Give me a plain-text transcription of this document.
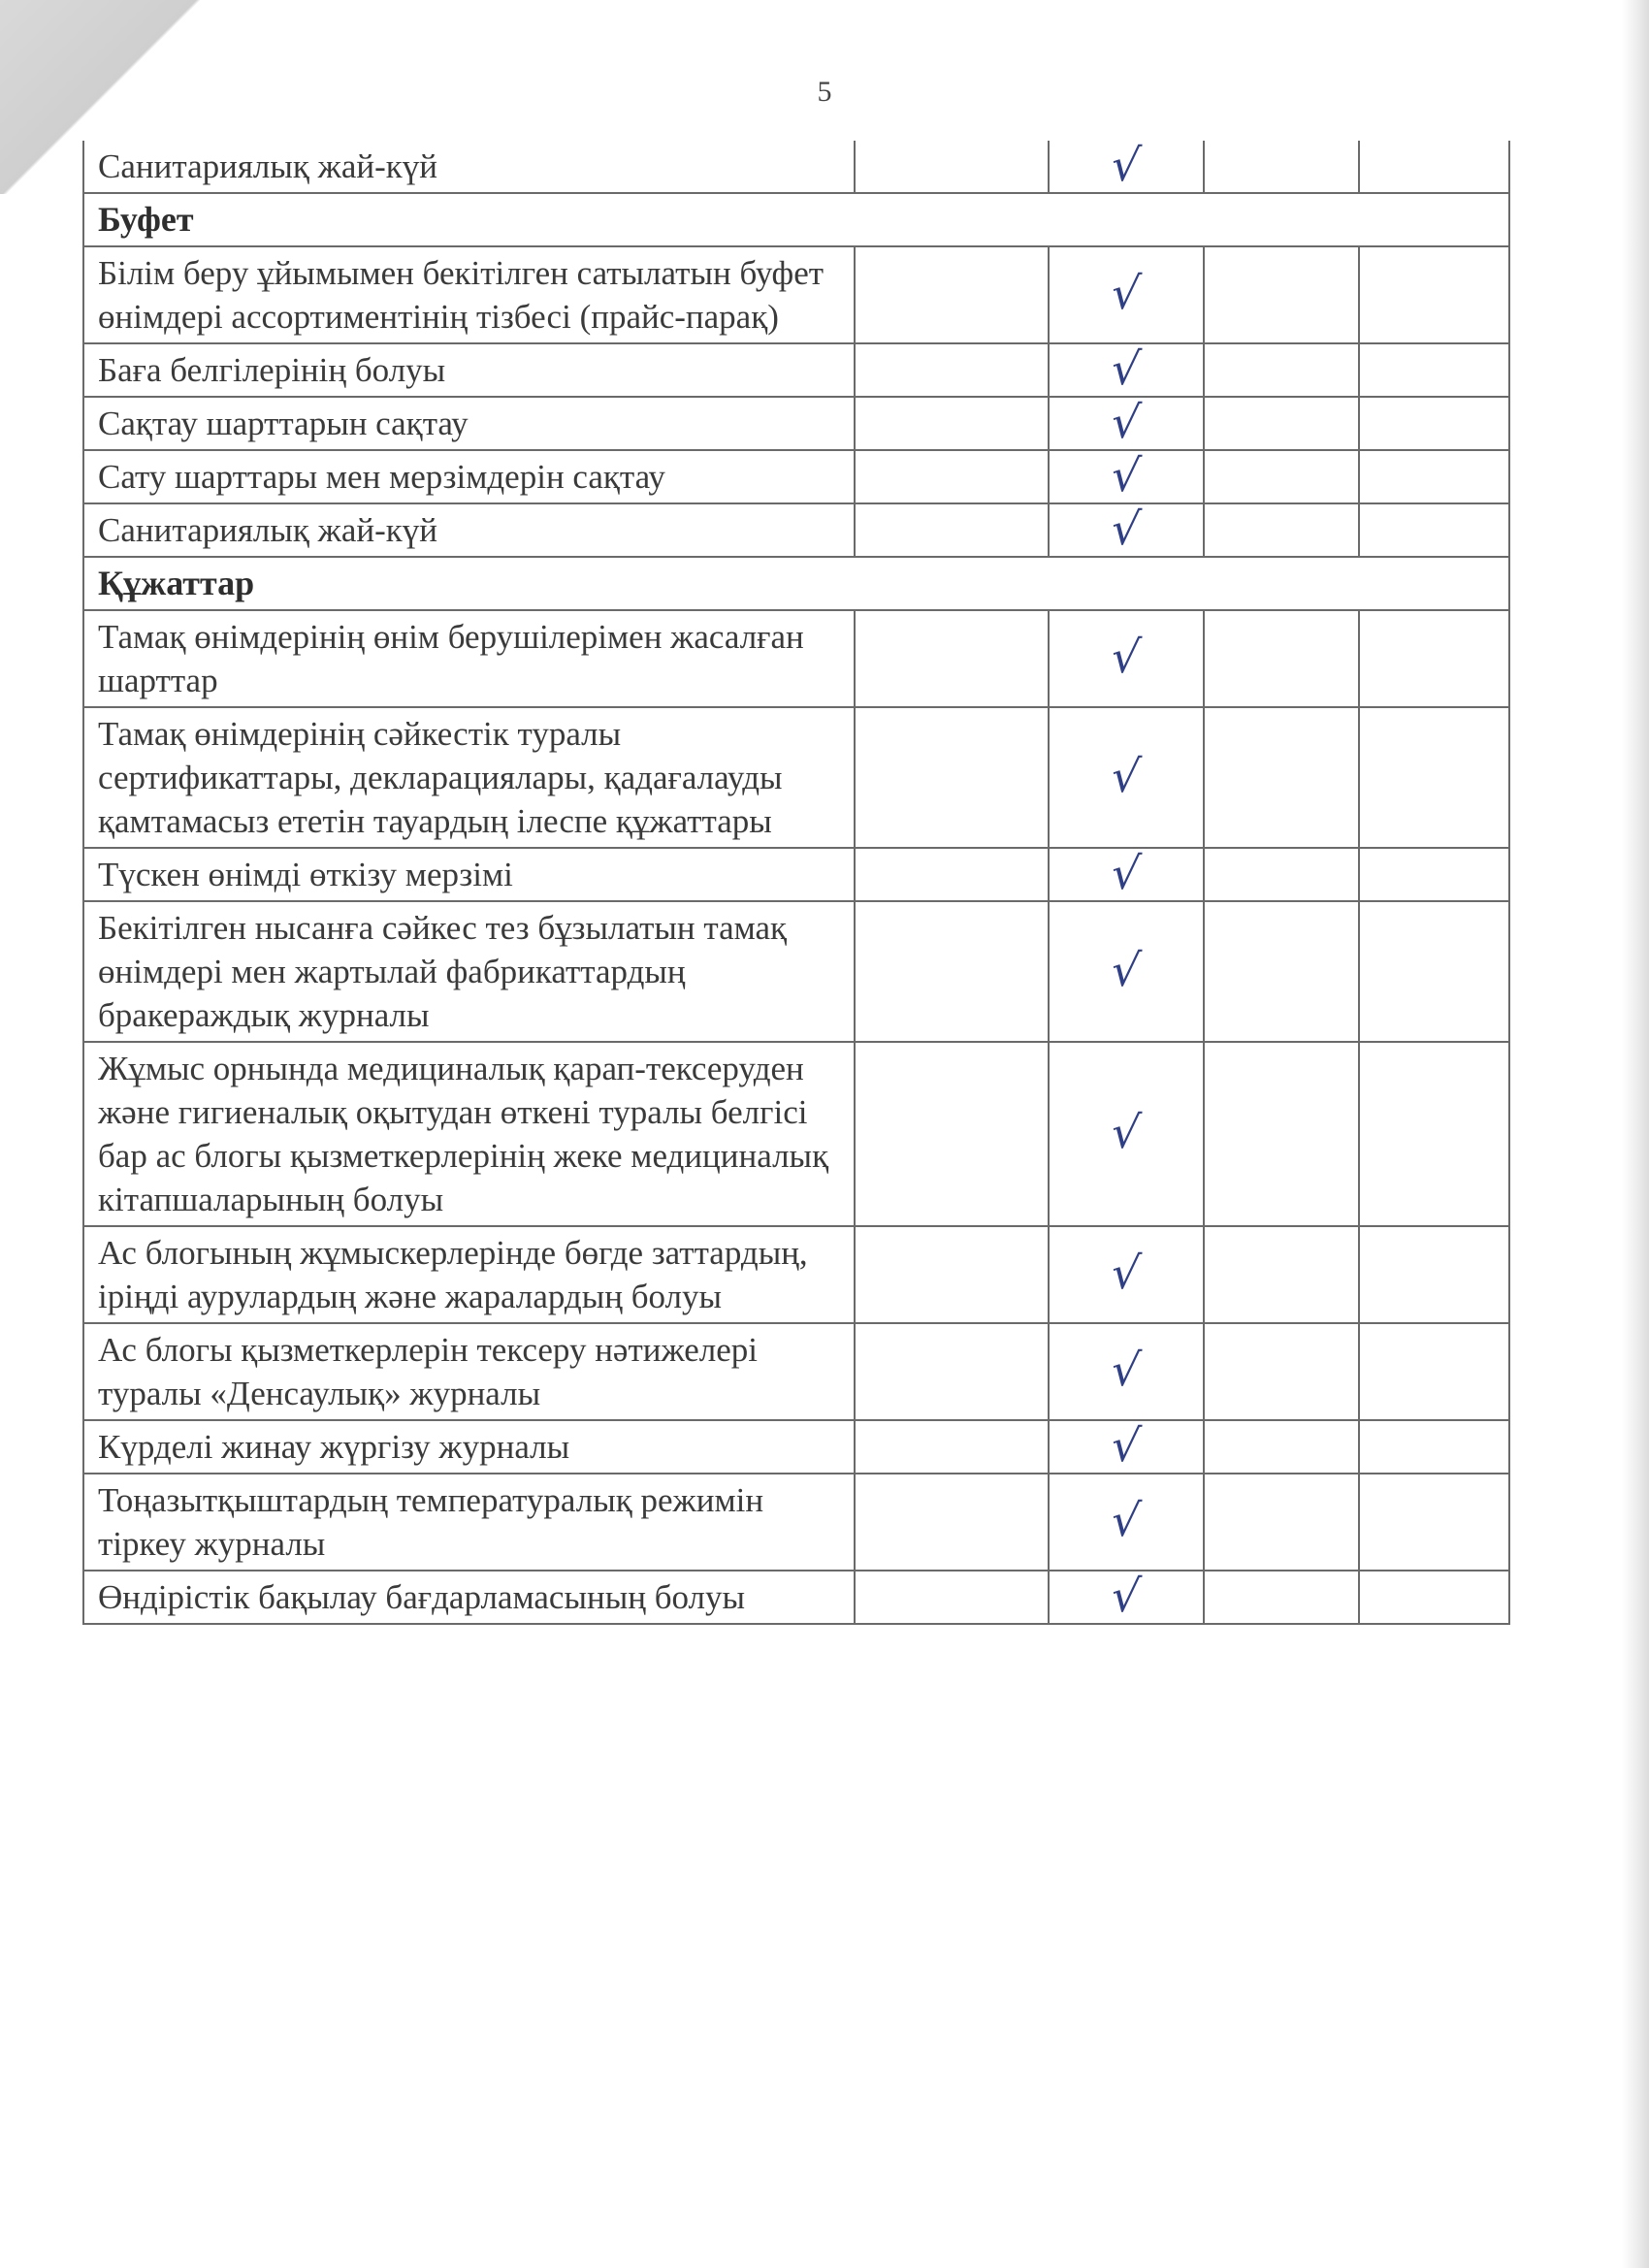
5
Санитариялық жай-күй		√		
Буфет				
Білім беру ұйымымен бекітілген сатылатын буфет өнімдері ассортиментінің тізбесі (прайс-парақ)		√		
Баға белгілерінің болуы		√		
Сақтау шарттарын сақтау		√		
Сату шарттары мен мерзімдерін сақтау		√		
Санитариялық жай-күй		√		
Құжаттар				
Тамақ өнімдерінің өнім берушілерімен жасалған шарттар		√		
Тамақ өнімдерінің сәйкестік туралы сертификаттары, декларациялары, қадағалауды қамтамасыз ететін тауардың ілеспе құжаттары		√		
Түскен өнімді өткізу мерзімі		√		
Бекітілген нысанға сәйкес тез бұзылатын тамақ өнімдері мен жартылай фабрикаттардың бракераждық журналы		√		
Жұмыс орнында медициналық қарап-тексеруден және гигиеналық оқытудан өткені туралы белгісі бар ас блогы қызметкерлерінің жеке медициналық кітапшаларының болуы		√		
Ас блогының жұмыскерлерінде бөгде заттардың, іріңді аурулардың және жаралардың болуы		√		
Ас блогы қызметкерлерін тексеру нәтижелері туралы «Денсаулық» журналы		√		
Күрделі жинау жүргізу журналы		√		
Тоңазытқыштардың температуралық режимін тіркеу журналы		√		
Өндірістік бақылау бағдарламасының болуы		√		
